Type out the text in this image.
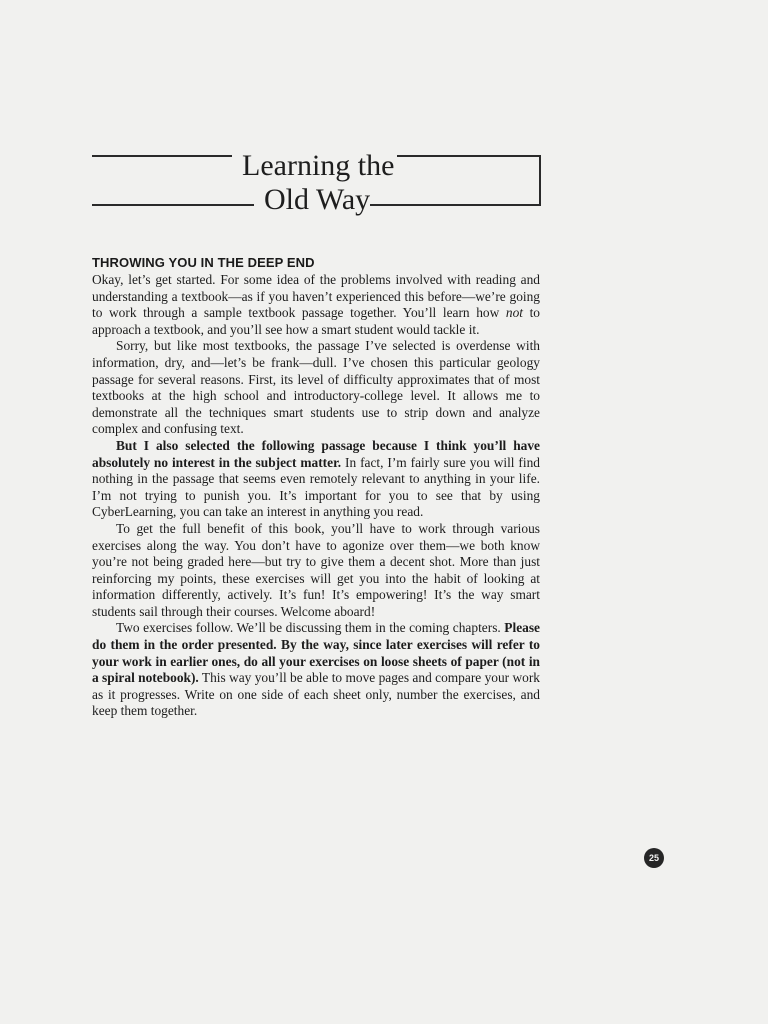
Learning the
Old Way
THROWING YOU IN THE DEEP END

Okay, let’s get started. For some idea of the problems involved with reading and understanding a textbook—as if you haven’t experienced this before—we’re going to work through a sample textbook passage together. You’ll learn how not to approach a textbook, and you’ll see how a smart student would tackle it.

Sorry, but like most textbooks, the passage I’ve selected is overdense with information, dry, and—let’s be frank—dull. I’ve chosen this particular geology passage for several reasons. First, its level of difficulty approximates that of most textbooks at the high school and introductory-college level. It allows me to demonstrate all the techniques smart students use to strip down and analyze complex and confusing text.

But I also selected the following passage because I think you’ll have absolutely no interest in the subject matter. In fact, I’m fairly sure you will find nothing in the passage that seems even remotely relevant to anything in your life. I’m not trying to punish you. It’s important for you to see that by using CyberLearning, you can take an interest in anything you read.

To get the full benefit of this book, you’ll have to work through various exercises along the way. You don’t have to agonize over them—we both know you’re not being graded here—but try to give them a decent shot. More than just reinforcing my points, these exercises will get you into the habit of looking at information differently, actively. It’s fun! It’s empowering! It’s the way smart students sail through their courses. Welcome aboard!

Two exercises follow. We’ll be discussing them in the coming chapters. Please do them in the order presented. By the way, since later exercises will refer to your work in earlier ones, do all your exercises on loose sheets of paper (not in a spiral notebook). This way you’ll be able to move pages and compare your work as it progresses. Write on one side of each sheet only, number the exercises, and keep them together.

25
